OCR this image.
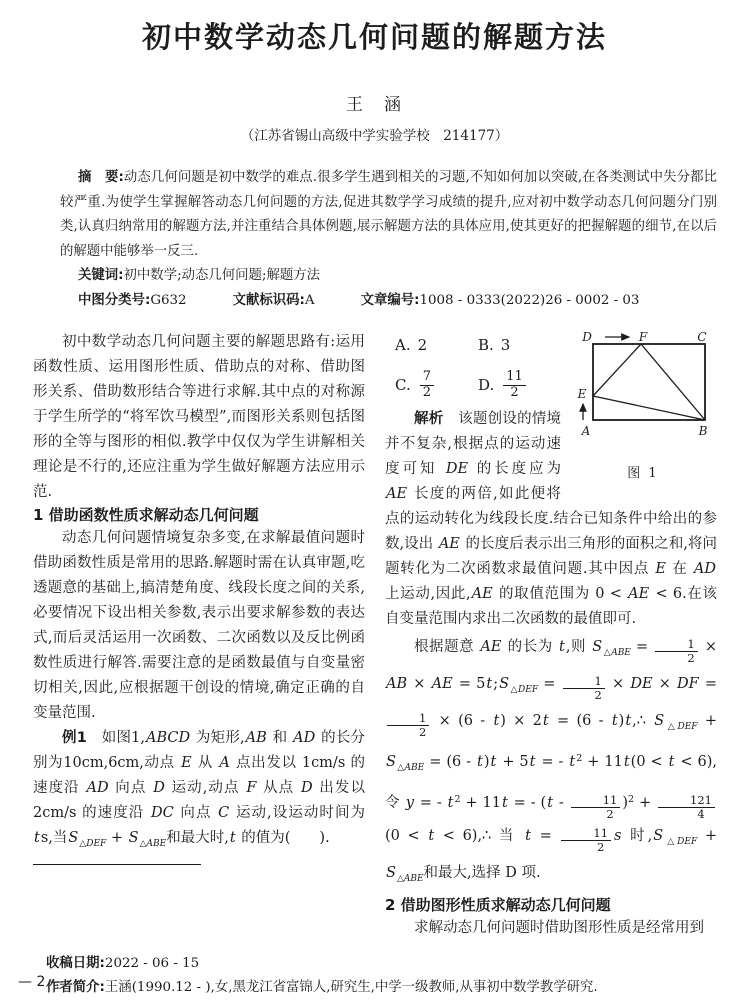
初中数学动态几何问题的解题方法
王　涵
（江苏省锡山高级中学实验学校　214177）

摘　要:动态几何问题是初中数学的难点.很多学生遇到相关的习题,不知如何加以突破,在各类测试中失分都比较严重.为使学生掌握解答动态几何问题的方法,促进其数学学习成绩的提升,应对初中数学动态几何问题分门别类,认真归纳常用的解题方法,并注重结合具体例题,展示解题方法的具体应用,使其更好的把握解题的细节,在以后的解题中能够举一反三.

关键词:初中数学;动态几何问题;解题方法

中图分类号:G632	文献标识码:A	文章编号:1008 - 0333(2022)26 - 0002 - 03

初中数学动态几何问题主要的解题思路有:运用函数性质、运用图形性质、借助点的对称、借助图形关系、借助数形结合等进行求解.其中点的对称源于学生所学的“将军饮马模型”,而图形关系则包括图形的全等与图形的相似.教学中仅仅为学生讲解相关理论是不行的,还应注重为学生做好解题方法应用示范.

1 借助函数性质求解动态几何问题

动态几何问题情境复杂多变,在求解最值问题时借助函数性质是常用的思路.解题时需在认真审题,吃透题意的基础上,搞清楚角度、线段长度之间的关系,必要情况下设出相关参数,表示出要求解参数的表达式,而后灵活运用一次函数、二次函数以及反比例函数性质进行解答.需要注意的是函数最值与自变量密切相关,因此,应根据题干创设的情境,确定正确的自变量范围.

例1　如图1,ABCD 为矩形,AB 和 AD 的长分别为10cm,6cm,动点 E 从 A 点出发以 1cm/s 的速度沿 AD 向点 D 运动,动点 F 从点 D 出发以 2cm/s 的速度沿 DC 向点 C 运动,设运动时间为 ts,当$S_{\triangle DEF} + S_{\triangle ABE}$和最大时,t 的值为(　　).

D	F	C
E
A	B
图 1
A. 2	B. 3
C. $\frac{7}{2}$	D. $\frac{11}{2}$

解析　该题创设的情境并不复杂,根据点的运动速度可知 DE 的长度应为 AE 长度的两倍,如此便将点的运动转化为线段长度.结合已知条件中给出的参数,设出 AE 的长度后表示出三角形的面积之和,将问题转化为二次函数求最值问题.其中因点 E 在 AD 上运动,因此,AE 的取值范围为 0 < AE < 6.在该自变量范围内求出二次函数的最值即可.

根据题意 AE 的长为 t,则 $S_{\triangle ABE} = \frac{1}{2}$ × AB × AE = $5t;S_{\triangle DEF} = \frac{1}{2}$ × DE × DF =
$\frac{1}{2} \times (6 - t) \times 2t = (6$ - t)t,∴ $S_{\triangle DEF} + S_{\triangle ABE} = (6 - t)t + 5t$ = - $t^2 + 11t(0 < t < 6)$,令 y = - $t^2 + 11t$ = - $(t - \frac{11}{2} )^2 + \frac{121}{4}$
(0 < t < 6),∴ 当 $t = \frac{11}{2}$ s 时$,S_{\triangle DEF} + S_{\triangle ABE}$和最大,选择 D 项.

2 借助图形性质求解动态几何问题

求解动态几何问题时借助图形性质是经常用到

收稿日期:2022 - 06 - 15

作者简介:王涵(1990.12 - ),女,黑龙江省富锦人,研究生,中学一级教师,从事初中数学教学研究.

— 2 —
